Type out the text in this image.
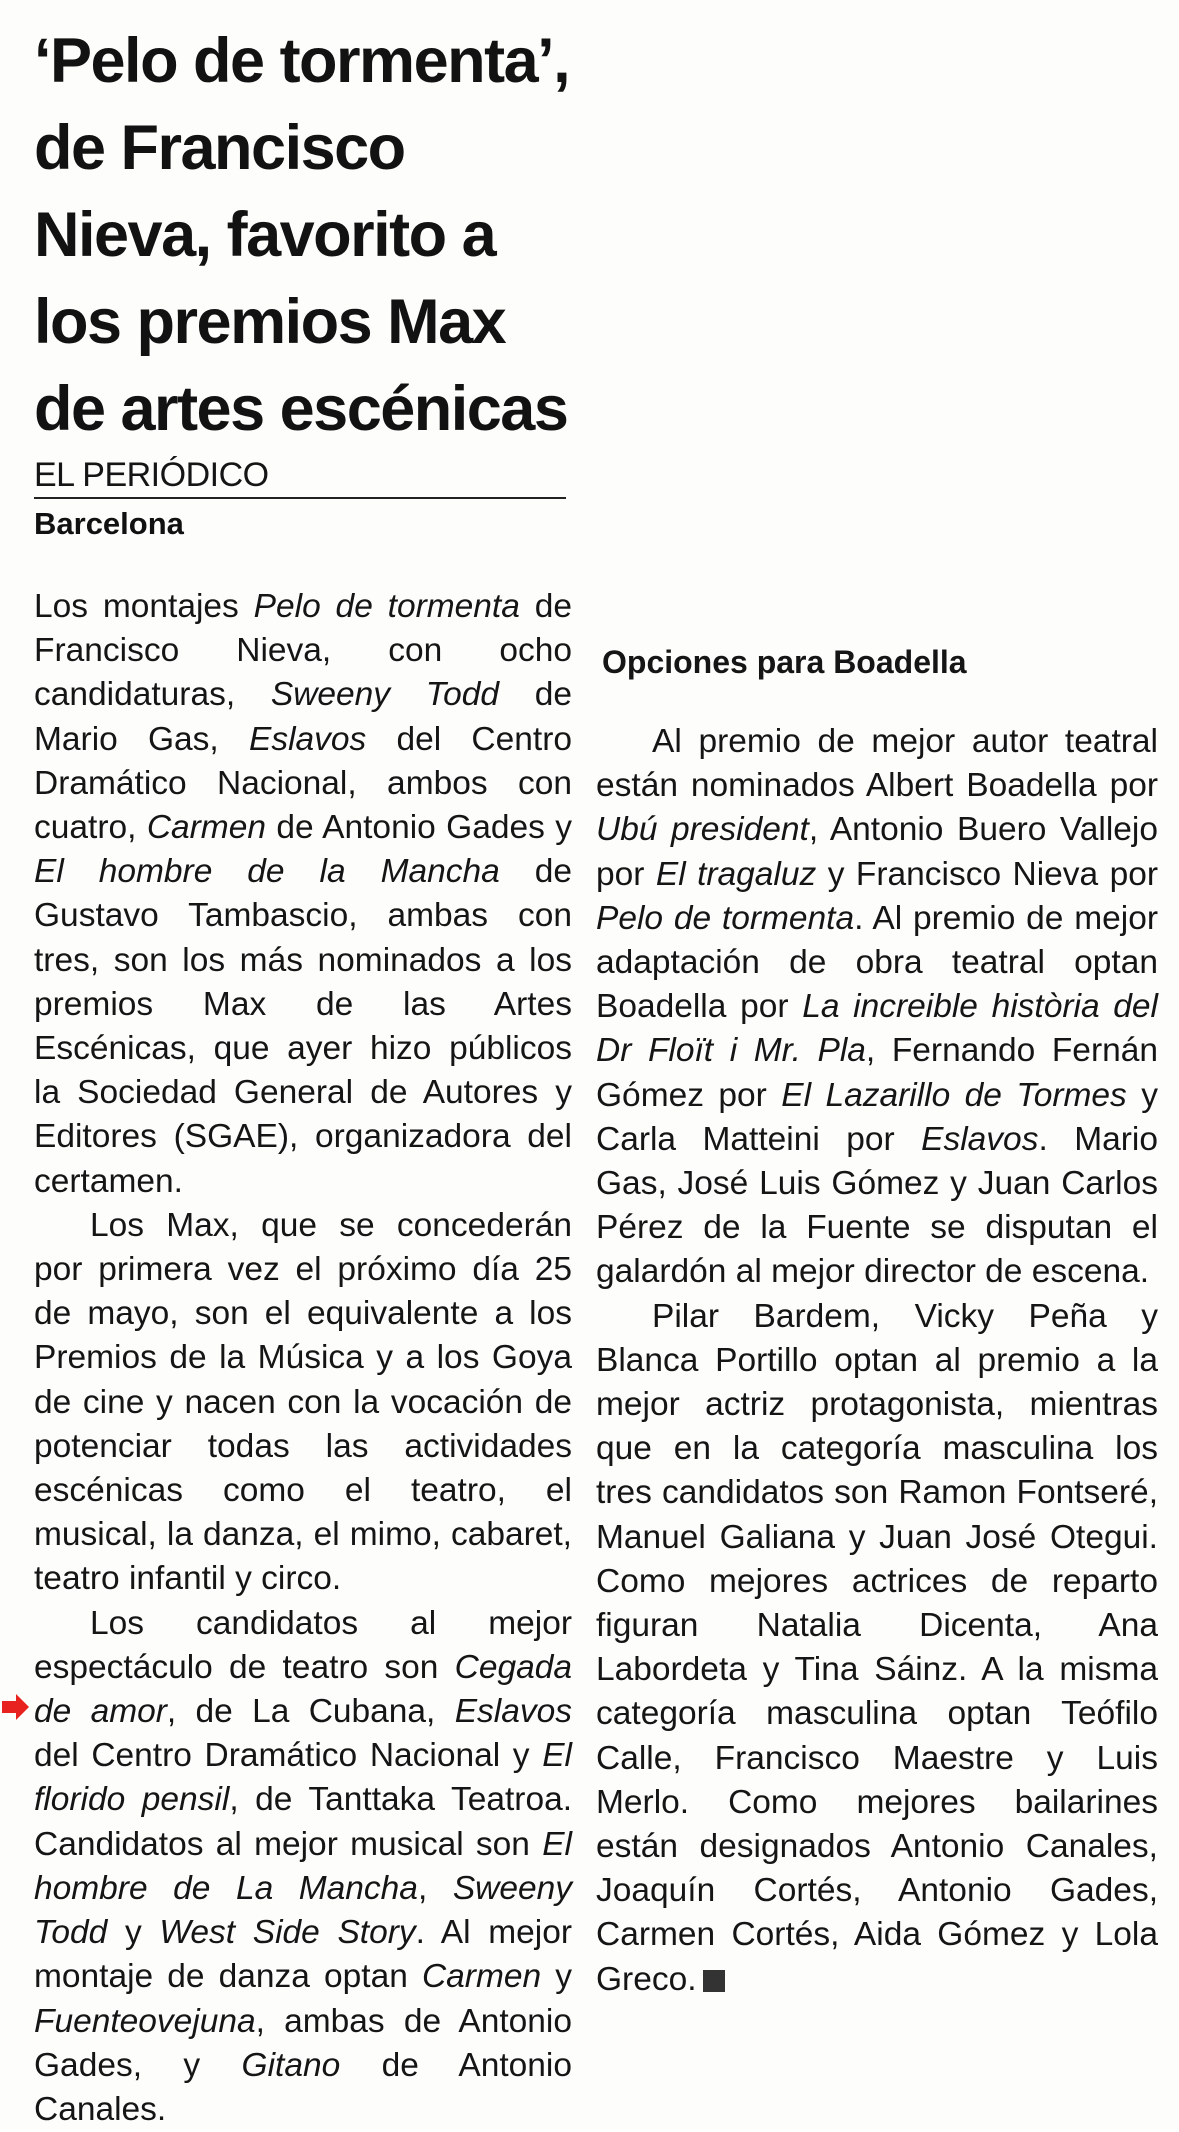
‘Pelo de tormenta’,
de Francisco
Nieva, favorito a
los premios Max
de artes escénicas
EL PERIÓDICO
Barcelona

Los montajes Pelo de tormenta de Francisco Nieva, con ocho candidaturas, Sweeny Todd de Mario Gas, Eslavos del Centro Dramático Nacional, ambos con cuatro, Carmen de Antonio Gades y El hombre de la Mancha de Gustavo Tambascio, ambas con tres, son los más nominados a los premios Max de las Artes Escénicas, que ayer hizo públicos la Sociedad General de Autores y Editores (SGAE), organizadora del certamen.

Los Max, que se concederán por primera vez el próximo día 25 de mayo, son el equivalente a los Premios de la Música y a los Goya de cine y nacen con la vocación de potenciar todas las actividades escénicas como el teatro, el musical, la danza, el mimo, cabaret, teatro infantil y circo.

Los candidatos al mejor espectáculo de teatro son Cegada de amor, de La Cubana, Eslavos del Centro Dramático Nacional y El florido pensil, de Tanttaka Teatroa. Candidatos al mejor musical son El hombre de La Mancha, Sweeny Todd y West Side Story. Al mejor montaje de danza optan Carmen y Fuenteovejuna, ambas de Antonio Gades, y Gitano de Antonio Canales.

Opciones para Boadella

Al premio de mejor autor teatral están nominados Albert Boadella por Ubú president, Antonio Buero Vallejo por El tragaluz y Francisco Nieva por Pelo de tormenta. Al premio de mejor adaptación de obra teatral optan Boadella por La increible història del Dr Floït i Mr. Pla, Fernando Fernán Gómez por El Lazarillo de Tormes y Carla Matteini por Eslavos. Mario Gas, José Luis Gómez y Juan Carlos Pérez de la Fuente se disputan el galardón al mejor director de escena.

Pilar Bardem, Vicky Peña y Blanca Portillo optan al premio a la mejor actriz protagonista, mientras que en la categoría masculina los tres candidatos son Ramon Fontseré, Manuel Galiana y Juan José Otegui. Como mejores actrices de reparto figuran Natalia Dicenta, Ana Labordeta y Tina Sáinz. A la misma categoría masculina optan Teófilo Calle, Francisco Maestre y Luis Merlo. Como mejores bailarines están designados Antonio Canales, Joaquín Cortés, Antonio Gades, Carmen Cortés, Aida Gómez y Lola Greco.
